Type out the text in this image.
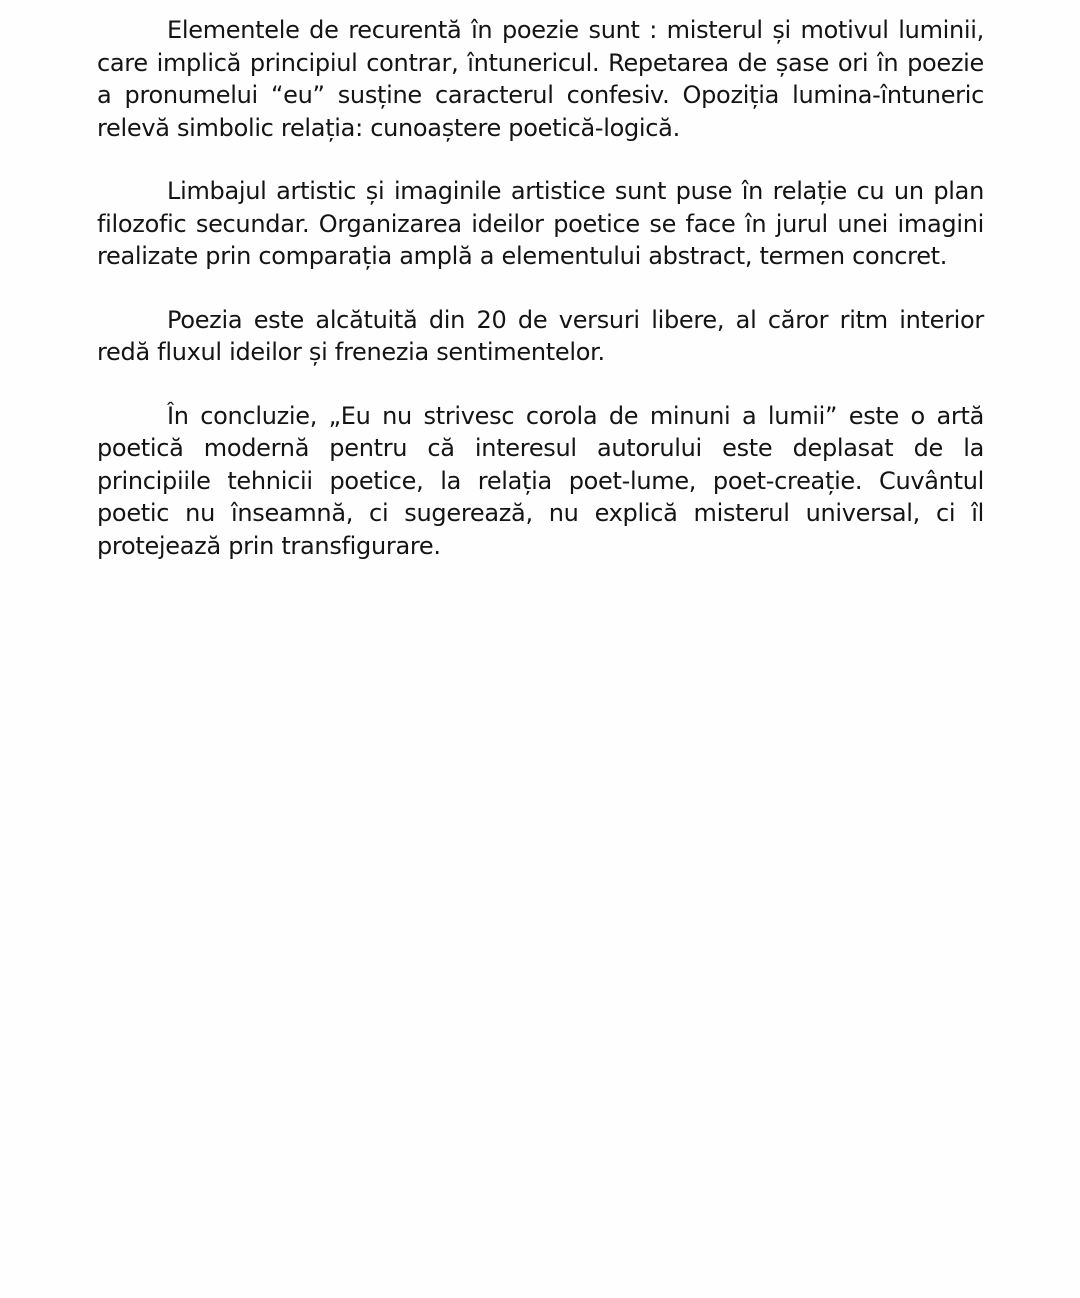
Elementele de recurentă în poezie sunt : misterul și motivul luminii, care implică principiul contrar, întunericul. Repetarea de șase ori în poezie a pronumelui “eu” susține caracterul confesiv. Opoziția lumina-întuneric relevă simbolic relația: cunoaștere poetică-logică.

Limbajul artistic și imaginile artistice sunt puse în relație cu un plan filozofic secundar. Organizarea ideilor poetice se face în jurul unei imagini realizate prin comparația amplă a elementului abstract, termen concret.

Poezia este alcătuită din 20 de versuri libere, al căror ritm interior redă fluxul ideilor și frenezia sentimentelor.

În concluzie, „Eu nu strivesc corola de minuni a lumii” este o artă poetică modernă pentru că interesul autorului este deplasat de la principiile tehnicii poetice, la relația poet-lume, poet-creație. Cuvântul poetic nu înseamnă, ci sugerează, nu explică misterul universal, ci îl protejează prin transfigurare.
